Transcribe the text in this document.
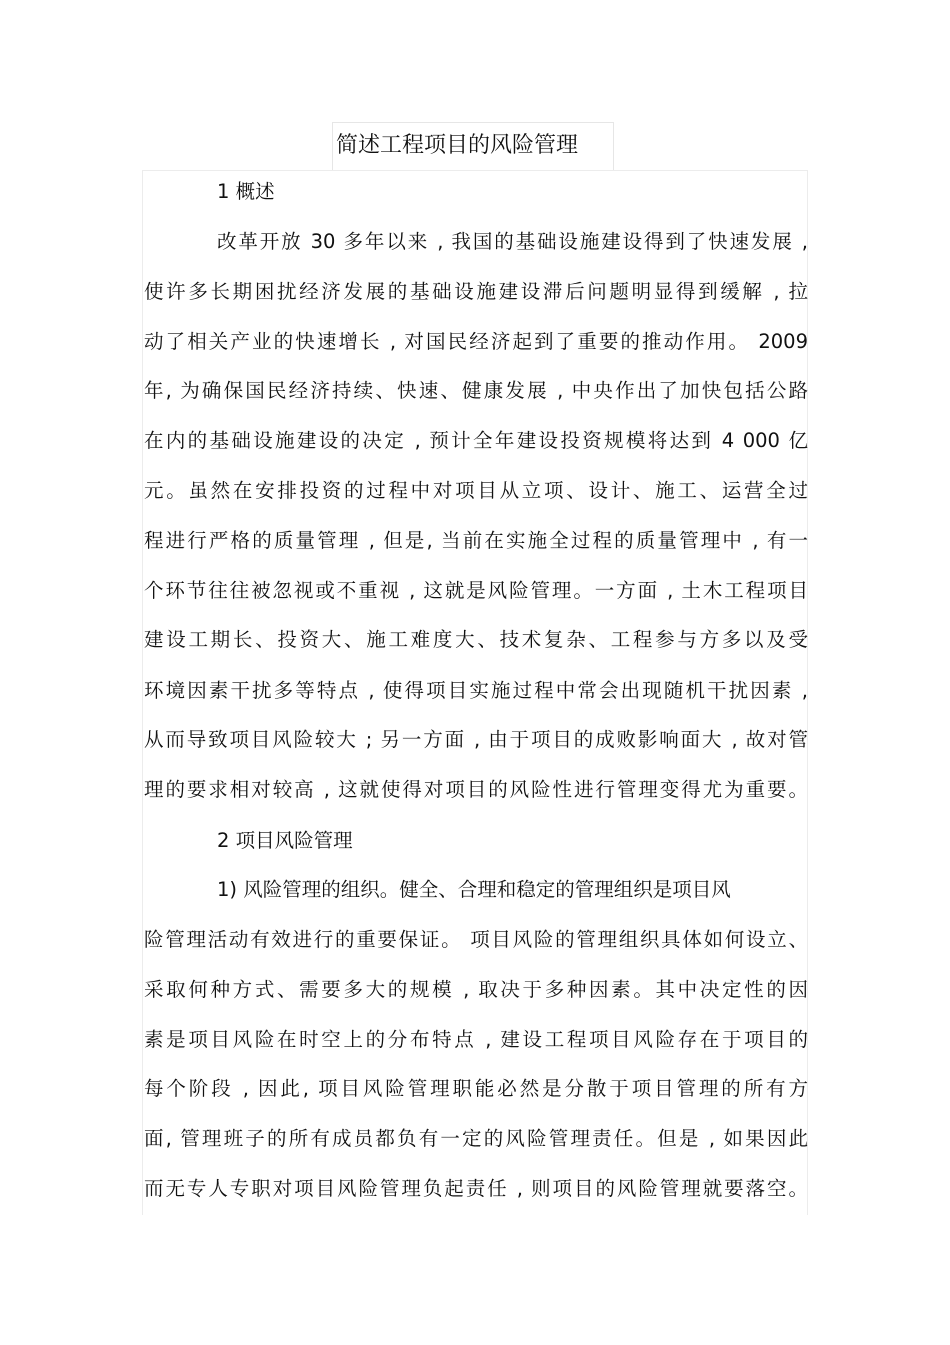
简述工程项目的风险管理
1 概述
改革开放 30 多年以来 , 我国的基础设施建设得到了快速发展 ,
使许多长期困扰经济发展的基础设施建设滞后问题明显得到缓解 , 拉
动了相关产业的快速增长 , 对国民经济起到了重要的推动作用。 2009
年, 为确保国民经济持续、快速、健康发展 , 中央作出了加快包括公路
在内的基础设施建设的决定 , 预计全年建设投资规模将达到 4 000 亿
元。虽然在安排投资的过程中对项目从立项、设计、施工、运营全过
程进行严格的质量管理 , 但是, 当前在实施全过程的质量管理中 , 有一
个环节往往被忽视或不重视 , 这就是风险管理。一方面 , 土木工程项目
建设工期长、投资大、施工难度大、技术复杂、工程参与方多以及受
环境因素干扰多等特点 , 使得项目实施过程中常会出现随机干扰因素 ,
从而导致项目风险较大 ; 另一方面 , 由于项目的成败影响面大 , 故对管
理的要求相对较高 , 这就使得对项目的风险性进行管理变得尤为重要。
2 项目风险管理
1) 风险管理的组织。健全、合理和稳定的管理组织是项目风
险管理活动有效进行的重要保证。 项目风险的管理组织具体如何设立、
采取何种方式、需要多大的规模 , 取决于多种因素。其中决定性的因
素是项目风险在时空上的分布特点 , 建设工程项目风险存在于项目的
每个阶段 , 因此, 项目风险管理职能必然是分散于项目管理的所有方
面, 管理班子的所有成员都负有一定的风险管理责任。但是 , 如果因此
而无专人专职对项目风险管理负起责任 , 则项目的风险管理就要落空。
